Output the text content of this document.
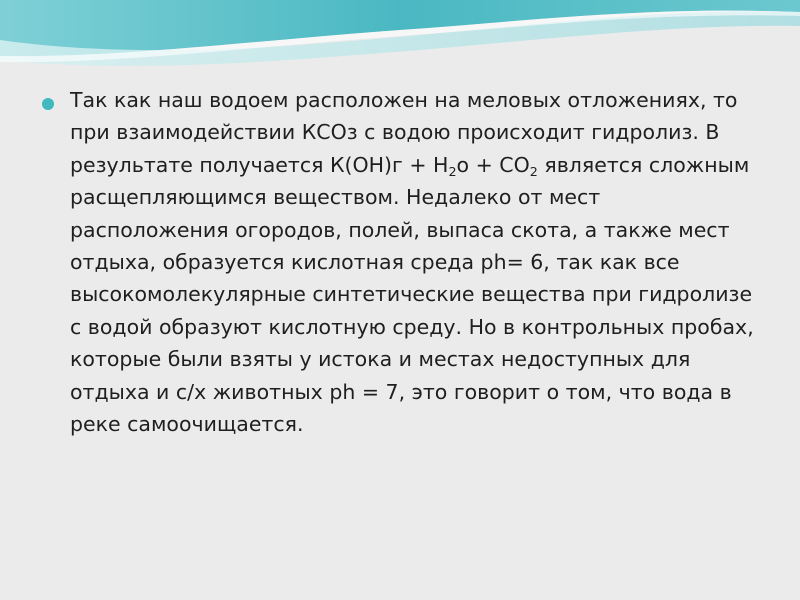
Так как наш водоем расположен на меловых отложениях, то при взаимодействии КСОз с водою происходит гидролиз. В результате получается $К(ОН)г + Н_2о + СО_2$ является сложным расщепляющимся веществом. Недалеко от мест расположения огородов, полей, выпаса скота, а также мест отдыха, образуется кислотная среда рh= 6, так как все высокомолекулярные синтетические вещества при гидролизе с водой образуют кислотную среду. Но в контрольных пробах, которые были взяты у истока и местах недоступных для отдыха и с/х животных рh = 7, это говорит о том, что вода в реке самоочищается.
